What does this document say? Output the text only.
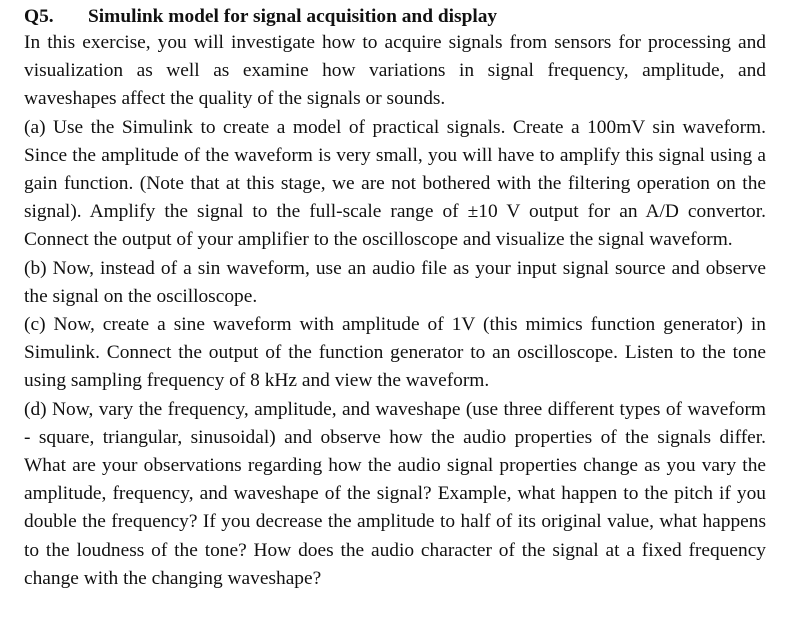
Q5.	Simulink model for signal acquisition and display

In this exercise, you will investigate how to acquire signals from sensors for processing and visualization as well as examine how variations in signal frequency, amplitude, and waveshapes affect the quality of the signals or sounds.

(a) Use the Simulink to create a model of practical signals. Create a 100mV sin waveform. Since the amplitude of the waveform is very small, you will have to amplify this signal using a gain function. (Note that at this stage, we are not bothered with the filtering operation on the signal). Amplify the signal to the full-scale range of ±10 V output for an A/D convertor. Connect the output of your amplifier to the oscilloscope and visualize the signal waveform.

(b) Now, instead of a sin waveform, use an audio file as your input signal source and observe the signal on the oscilloscope.

(c) Now, create a sine waveform with amplitude of 1V (this mimics function generator) in Simulink. Connect the output of the function generator to an oscilloscope. Listen to the tone using sampling frequency of 8 kHz and view the waveform.

(d) Now, vary the frequency, amplitude, and waveshape (use three different types of waveform - square, triangular, sinusoidal) and observe how the audio properties of the signals differ. What are your observations regarding how the audio signal properties change as you vary the amplitude, frequency, and waveshape of the signal? Example, what happen to the pitch if you double the frequency? If you decrease the amplitude to half of its original value, what happens to the loudness of the tone? How does the audio character of the signal at a fixed frequency change with the changing waveshape?
